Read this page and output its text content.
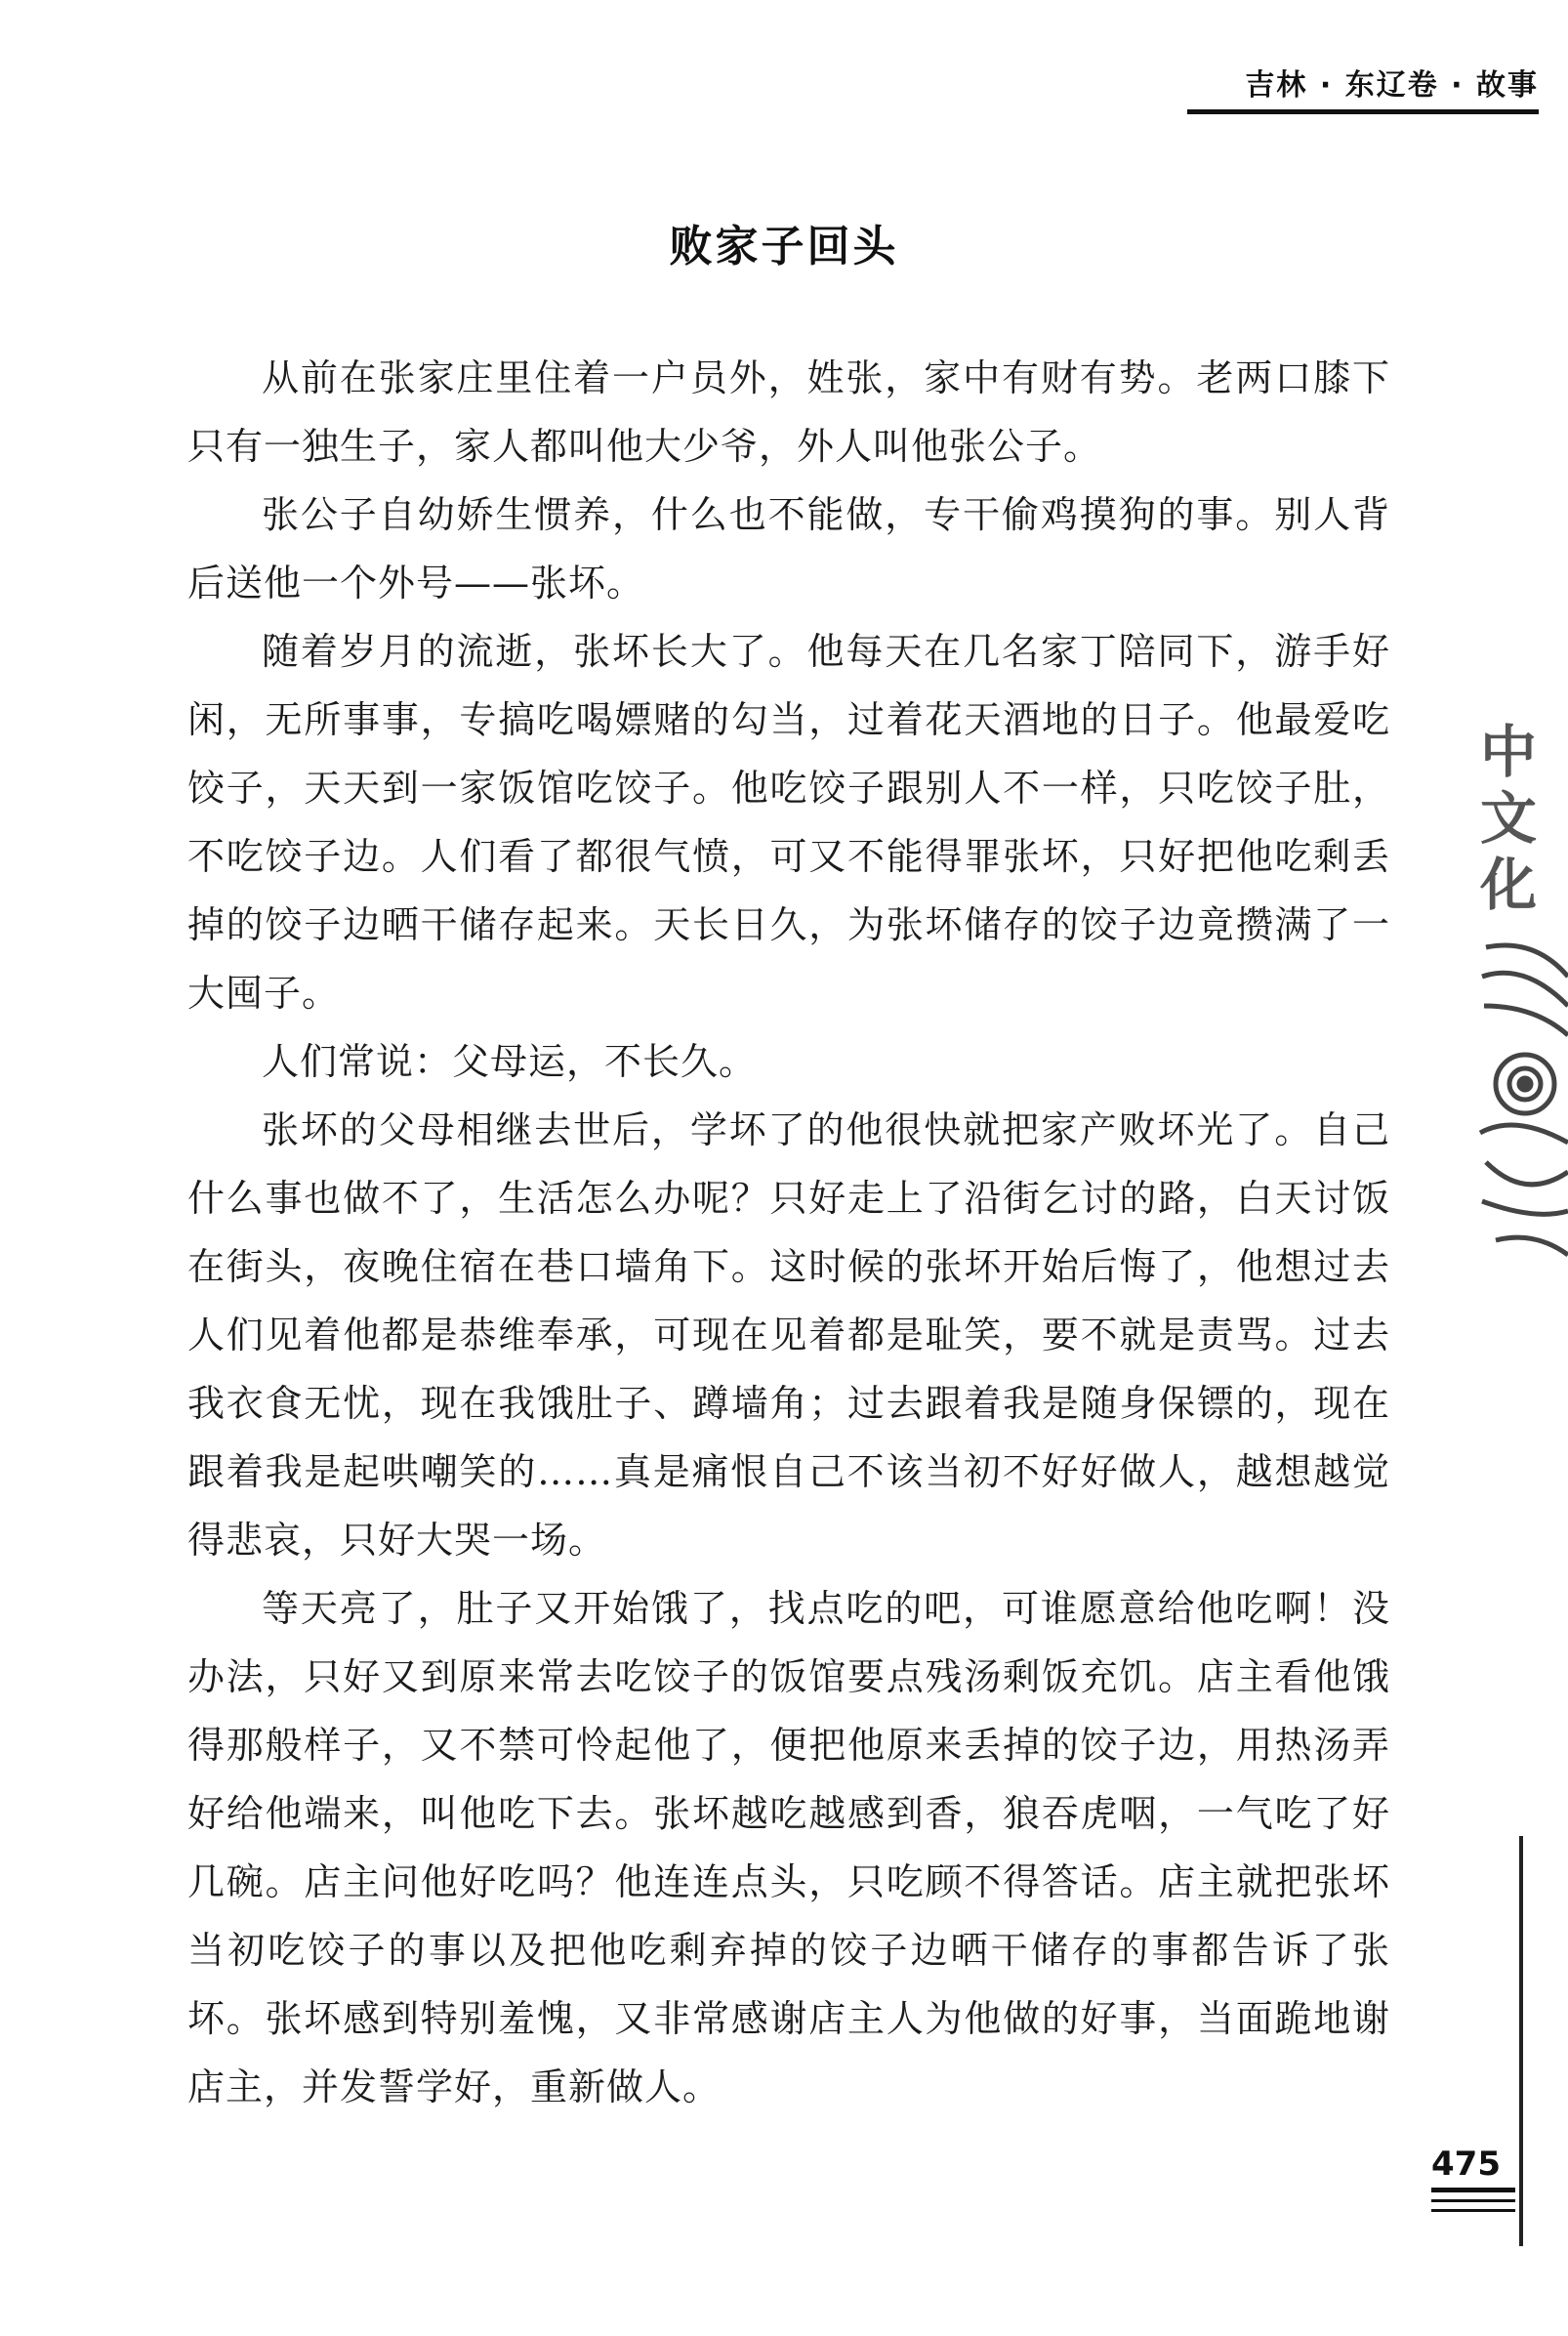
吉林 · 东辽卷 · 故事
败家子回头

从前在张家庄里住着一户员外，姓张，家中有财有势。老两口膝下只有一独生子，家人都叫他大少爷，外人叫他张公子。

张公子自幼娇生惯养，什么也不能做，专干偷鸡摸狗的事。别人背后送他一个外号——张坏。

随着岁月的流逝，张坏长大了。他每天在几名家丁陪同下，游手好闲，无所事事，专搞吃喝嫖赌的勾当，过着花天酒地的日子。他最爱吃饺子，天天到一家饭馆吃饺子。他吃饺子跟别人不一样，只吃饺子肚，不吃饺子边。人们看了都很气愤，可又不能得罪张坏，只好把他吃剩丢掉的饺子边晒干储存起来。天长日久，为张坏储存的饺子边竟攒满了一大囤子。

人们常说：父母运，不长久。

张坏的父母相继去世后，学坏了的他很快就把家产败坏光了。自己什么事也做不了，生活怎么办呢？只好走上了沿街乞讨的路，白天讨饭在街头，夜晚住宿在巷口墙角下。这时候的张坏开始后悔了，他想过去人们见着他都是恭维奉承，可现在见着都是耻笑，要不就是责骂。过去我衣食无忧，现在我饿肚子、蹲墙角；过去跟着我是随身保镖的，现在跟着我是起哄嘲笑的……真是痛恨自己不该当初不好好做人，越想越觉得悲哀，只好大哭一场。

等天亮了，肚子又开始饿了，找点吃的吧，可谁愿意给他吃啊！没办法，只好又到原来常去吃饺子的饭馆要点残汤剩饭充饥。店主看他饿得那般样子，又不禁可怜起他了，便把他原来丢掉的饺子边，用热汤弄好给他端来，叫他吃下去。张坏越吃越感到香，狼吞虎咽，一气吃了好几碗。店主问他好吃吗？他连连点头，只吃顾不得答话。店主就把张坏当初吃饺子的事以及把他吃剩弃掉的饺子边晒干储存的事都告诉了张坏。张坏感到特别羞愧，又非常感谢店主人为他做的好事，当面跪地谢店主，并发誓学好，重新做人。

中
文
化
475
